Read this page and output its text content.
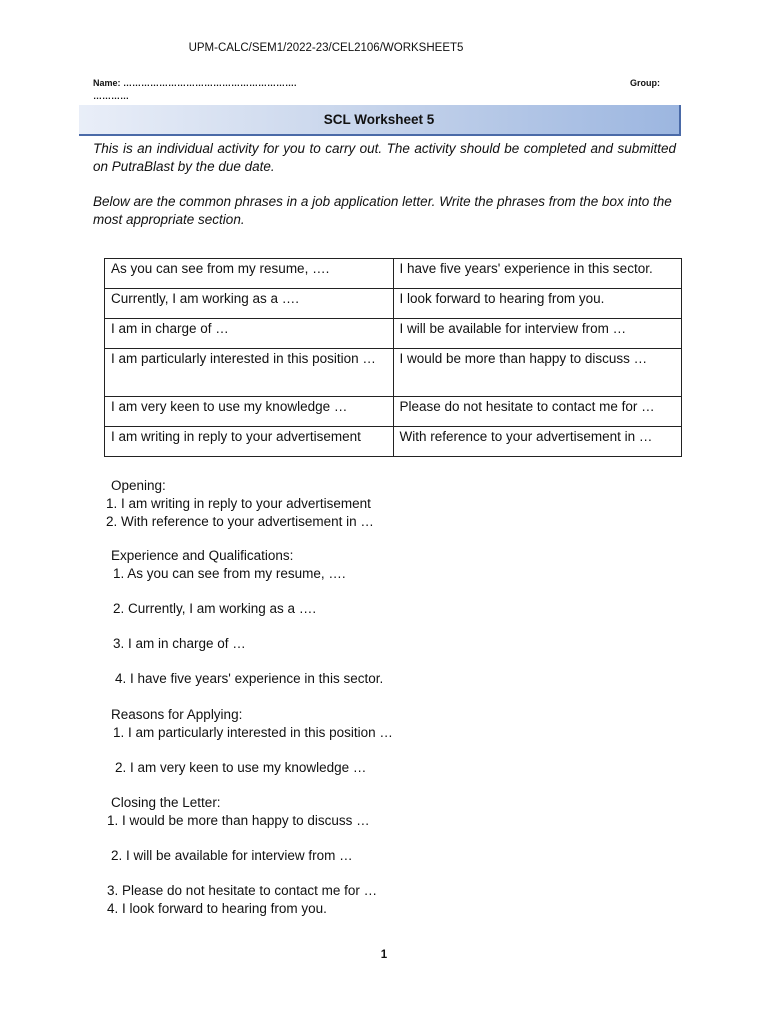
UPM-CALC/SEM1/2022-23/CEL2106/WORKSHEET5
Name: ………………………………………………….	Group:
…………
SCL Worksheet 5

This is an individual activity for you to carry out. The activity should be completed and submitted on PutraBlast by the due date.

Below are the common phrases in a job application letter. Write the phrases from the box into the most appropriate section.

As you can see from my resume, ….	I have five years' experience in this sector.
Currently, I am working as a ….	I look forward to hearing from you.
I am in charge of …	I will be available for interview from …
I am particularly interested in this position …	I would be more than happy to discuss …
I am very keen to use my knowledge …	Please do not hesitate to contact me for …
I am writing in reply to your advertisement	With reference to your advertisement in …
Opening:
1. I am writing in reply to your advertisement
2. With reference to your advertisement in …
Experience and Qualifications:
1. As you can see from my resume, ….
2. Currently, I am working as a ….
3. I am in charge of …
4. I have five years' experience in this sector.
Reasons for Applying:
1. I am particularly interested in this position …
2. I am very keen to use my knowledge …
Closing the Letter:
1. I would be more than happy to discuss …
2. I will be available for interview from …
3. Please do not hesitate to contact me for …
4. I look forward to hearing from you.
1
